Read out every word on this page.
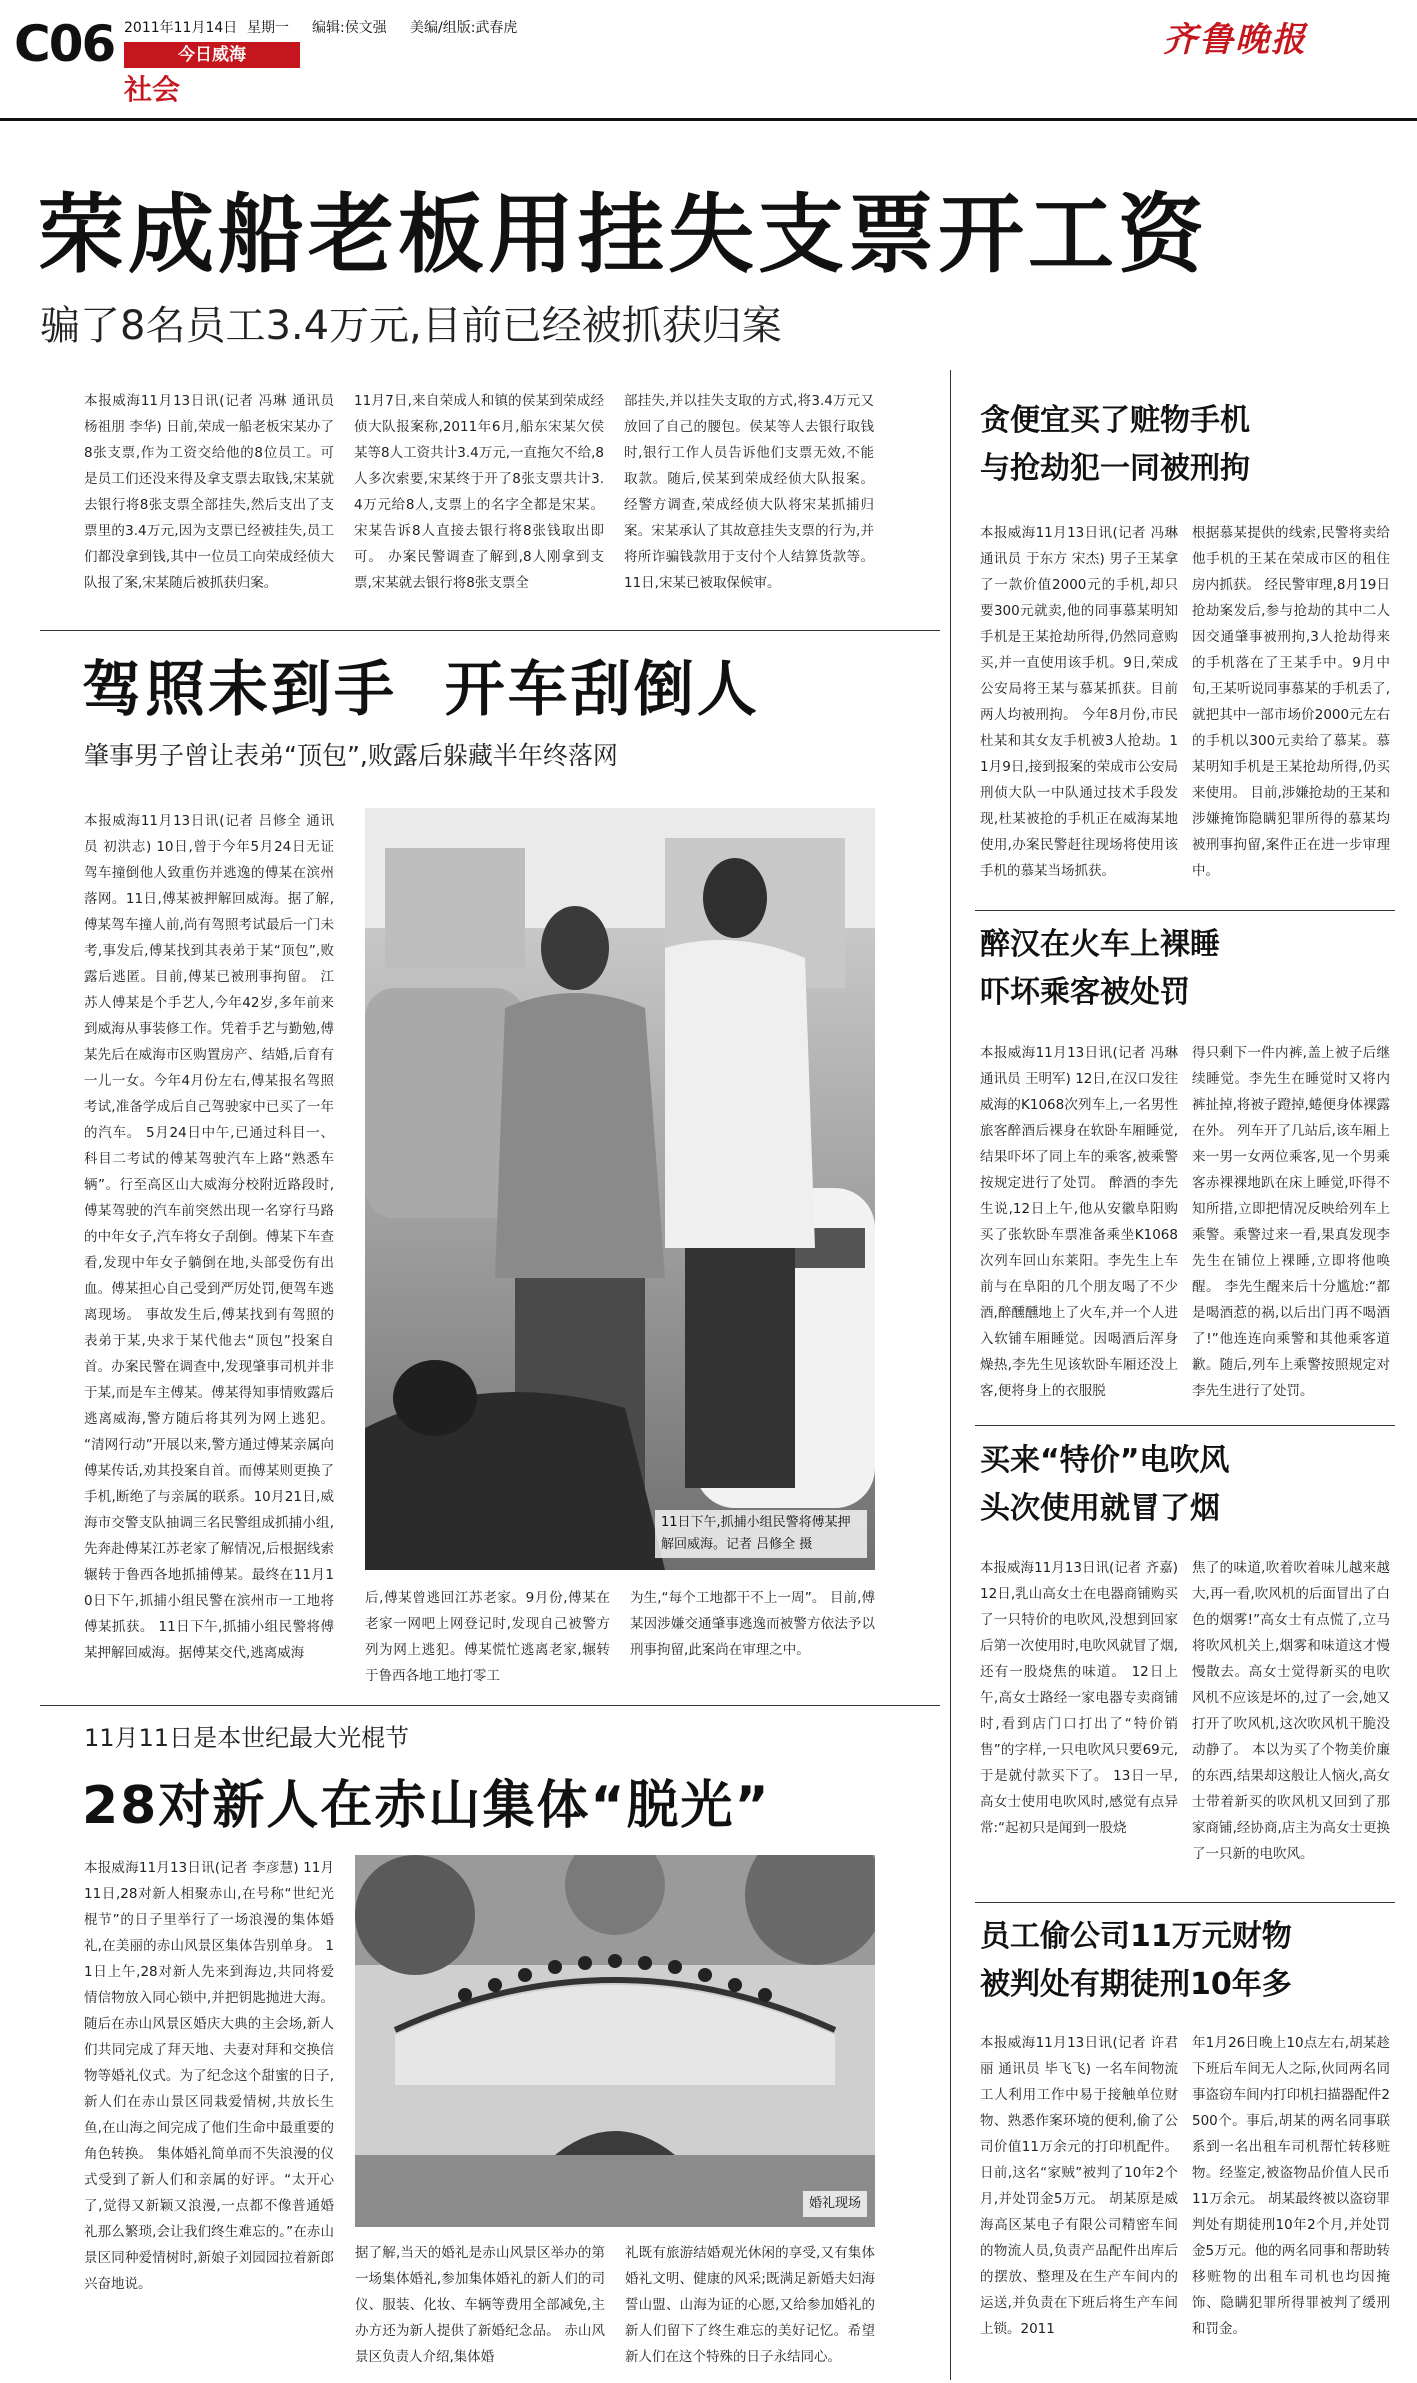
C06 2011年11月14日 星期一 编辑:侯文强 美编/组版:武春虎
今日威海
社会
齐鲁晚报
荣成船老板用挂失支票开工资
骗了8名员工3.4万元,目前已经被抓获归案
本报威海11月13日讯(记者 冯琳 通讯员 杨祖朋 李华) 日前,荣成一船老板宋某办了8张支票,作为工资交给他的8位员工。可是员工们还没来得及拿支票去取钱,宋某就去银行将8张支票全部挂失,然后支出了支票里的3.4万元,因为支票已经被挂失,员工们都没拿到钱,其中一位员工向荣成经侦大队报了案,宋某随后被抓获归案。
11月7日,来自荣成人和镇的侯某到荣成经侦大队报案称,2011年6月,船东宋某欠侯某等8人工资共计3.4万元,一直拖欠不给,8人多次索要,宋某终于开了8张支票共计3.4万元给8人,支票上的名字全都是宋某。宋某告诉8人直接去银行将8张钱取出即可。 办案民警调查了解到,8人刚拿到支票,宋某就去银行将8张支票全
部挂失,并以挂失支取的方式,将3.4万元又放回了自己的腰包。侯某等人去银行取钱时,银行工作人员告诉他们支票无效,不能取款。随后,侯某到荣成经侦大队报案。 经警方调查,荣成经侦大队将宋某抓捕归案。宋某承认了其故意挂失支票的行为,并将所诈骗钱款用于支付个人结算货款等。11日,宋某已被取保候审。
驾照未到手  开车刮倒人
肇事男子曾让表弟“顶包”,败露后躲藏半年终落网
本报威海11月13日讯(记者 吕修全 通讯员 初洪志) 10日,曾于今年5月24日无证驾车撞倒他人致重伤并逃逸的傅某在滨州落网。11日,傅某被押解回威海。据了解,傅某驾车撞人前,尚有驾照考试最后一门未考,事发后,傅某找到其表弟于某“顶包”,败露后逃匿。目前,傅某已被刑事拘留。 江苏人傅某是个手艺人,今年42岁,多年前来到威海从事装修工作。凭着手艺与勤勉,傅某先后在威海市区购置房产、结婚,后育有一儿一女。今年4月份左右,傅某报名驾照考试,准备学成后自己驾驶家中已买了一年的汽车。 5月24日中午,已通过科目一、科目二考试的傅某驾驶汽车上路“熟悉车辆”。行至高区山大威海分校附近路段时,傅某驾驶的汽车前突然出现一名穿行马路的中年女子,汽车将女子刮倒。傅某下车查看,发现中年女子躺倒在地,头部受伤有出血。傅某担心自己受到严厉处罚,便驾车逃离现场。 事故发生后,傅某找到有驾照的表弟于某,央求于某代他去“顶包”投案自首。办案民警在调查中,发现肇事司机并非于某,而是车主傅某。傅某得知事情败露后逃离威海,警方随后将其列为网上逃犯。 “清网行动”开展以来,警方通过傅某亲属向傅某传话,劝其投案自首。而傅某则更换了手机,断绝了与亲属的联系。10月21日,威海市交警支队抽调三名民警组成抓捕小组,先奔赴傅某江苏老家了解情况,后根据线索辗转于鲁西各地抓捕傅某。最终在11月10日下午,抓捕小组民警在滨州市一工地将傅某抓获。 11日下午,抓捕小组民警将傅某押解回威海。据傅某交代,逃离威海
11日下午,抓捕小组民警将傅某押解回威海。记者 吕修全 摄
后,傅某曾逃回江苏老家。9月份,傅某在老家一网吧上网登记时,发现自己被警方列为网上逃犯。傅某慌忙逃离老家,辗转于鲁西各地工地打零工
为生,“每个工地都干不上一周”。 目前,傅某因涉嫌交通肇事逃逸而被警方依法予以刑事拘留,此案尚在审理之中。
11月11日是本世纪最大光棍节
28对新人在赤山集体“脱光”
本报威海11月13日讯(记者 李彦慧) 11月11日,28对新人相聚赤山,在号称“世纪光棍节”的日子里举行了一场浪漫的集体婚礼,在美丽的赤山风景区集体告别单身。 11日上午,28对新人先来到海边,共同将爱情信物放入同心锁中,并把钥匙抛进大海。随后在赤山风景区婚庆大典的主会场,新人们共同完成了拜天地、夫妻对拜和交换信物等婚礼仪式。为了纪念这个甜蜜的日子,新人们在赤山景区同栽爱情树,共放长生鱼,在山海之间完成了他们生命中最重要的角色转换。 集体婚礼简单而不失浪漫的仪式受到了新人们和亲属的好评。“太开心了,觉得又新颖又浪漫,一点都不像普通婚礼那么繁琐,会让我们终生难忘的。”在赤山景区同种爱情树时,新娘子刘园园拉着新郎兴奋地说。
婚礼现场
据了解,当天的婚礼是赤山风景区举办的第一场集体婚礼,参加集体婚礼的新人们的司仪、服装、化妆、车辆等费用全部减免,主办方还为新人提供了新婚纪念品。 赤山风景区负责人介绍,集体婚
礼既有旅游结婚观光休闲的享受,又有集体婚礼文明、健康的风采;既满足新婚夫妇海誓山盟、山海为证的心愿,又给参加婚礼的新人们留下了终生难忘的美好记忆。希望新人们在这个特殊的日子永结同心。
贪便宜买了赃物手机
与抢劫犯一同被刑拘
本报威海11月13日讯(记者 冯琳 通讯员 于东方 宋杰) 男子王某拿了一款价值2000元的手机,却只要300元就卖,他的同事慕某明知手机是王某抢劫所得,仍然同意购买,并一直使用该手机。9日,荣成公安局将王某与慕某抓获。目前两人均被刑拘。 今年8月份,市民杜某和其女友手机被3人抢劫。11月9日,接到报案的荣成市公安局刑侦大队一中队通过技术手段发现,杜某被抢的手机正在威海某地使用,办案民警赶往现场将使用该手机的慕某当场抓获。
根据慕某提供的线索,民警将卖给他手机的王某在荣成市区的租住房内抓获。 经民警审理,8月19日抢劫案发后,参与抢劫的其中二人因交通肇事被刑拘,3人抢劫得来的手机落在了王某手中。9月中旬,王某听说同事慕某的手机丢了,就把其中一部市场价2000元左右的手机以300元卖给了慕某。慕某明知手机是王某抢劫所得,仍买来使用。 目前,涉嫌抢劫的王某和涉嫌掩饰隐瞒犯罪所得的慕某均被刑事拘留,案件正在进一步审理中。
醉汉在火车上裸睡
吓坏乘客被处罚
本报威海11月13日讯(记者 冯琳 通讯员 王明军) 12日,在汉口发往威海的K1068次列车上,一名男性旅客醉酒后裸身在软卧车厢睡觉,结果吓坏了同上车的乘客,被乘警按规定进行了处罚。 醉酒的李先生说,12日上午,他从安徽阜阳购买了张软卧车票准备乘坐K1068次列车回山东莱阳。李先生上车前与在阜阳的几个朋友喝了不少酒,醉醺醺地上了火车,并一个人进入软铺车厢睡觉。因喝酒后浑身燥热,李先生见该软卧车厢还没上客,便将身上的衣服脱
得只剩下一件内裤,盖上被子后继续睡觉。李先生在睡觉时又将内裤扯掉,将被子蹬掉,蜷便身体裸露在外。 列车开了几站后,该车厢上来一男一女两位乘客,见一个男乘客赤裸裸地趴在床上睡觉,吓得不知所措,立即把情况反映给列车上乘警。乘警过来一看,果真发现李先生在铺位上裸睡,立即将他唤醒。 李先生醒来后十分尴尬:“都是喝酒惹的祸,以后出门再不喝酒了!”他连连向乘警和其他乘客道歉。随后,列车上乘警按照规定对李先生进行了处罚。
买来“特价”电吹风
头次使用就冒了烟
本报威海11月13日讯(记者 齐嘉) 12日,乳山高女士在电器商铺购买了一只特价的电吹风,没想到回家后第一次使用时,电吹风就冒了烟,还有一股烧焦的味道。 12日上午,高女士路经一家电器专卖商铺时,看到店门口打出了“特价销售”的字样,一只电吹风只要69元,于是就付款买下了。 13日一早,高女士使用电吹风时,感觉有点异常:“起初只是闻到一股烧
焦了的味道,吹着吹着味儿越来越大,再一看,吹风机的后面冒出了白色的烟雾!”高女士有点慌了,立马将吹风机关上,烟雾和味道这才慢慢散去。高女士觉得新买的电吹风机不应该是坏的,过了一会,她又打开了吹风机,这次吹风机干脆没动静了。 本以为买了个物美价廉的东西,结果却这般让人恼火,高女士带着新买的吹风机又回到了那家商铺,经协商,店主为高女士更换了一只新的电吹风。
员工偷公司11万元财物
被判处有期徒刑10年多
本报威海11月13日讯(记者 许君丽 通讯员 毕飞飞) 一名车间物流工人利用工作中易于接触单位财物、熟悉作案环境的便利,偷了公司价值11万余元的打印机配件。日前,这名“家贼”被判了10年2个月,并处罚金5万元。 胡某原是威海高区某电子有限公司精密车间的物流人员,负责产品配件出库后的摆放、整理及在生产车间内的运送,并负责在下班后将生产车间上锁。2011
年1月26日晚上10点左右,胡某趁下班后车间无人之际,伙同两名同事盗窃车间内打印机扫描器配件2500个。事后,胡某的两名同事联系到一名出租车司机帮忙转移赃物。经鉴定,被盗物品价值人民币11万余元。 胡某最终被以盗窃罪判处有期徒刑10年2个月,并处罚金5万元。他的两名同事和帮助转移赃物的出租车司机也均因掩饰、隐瞒犯罪所得罪被判了缓刑和罚金。
